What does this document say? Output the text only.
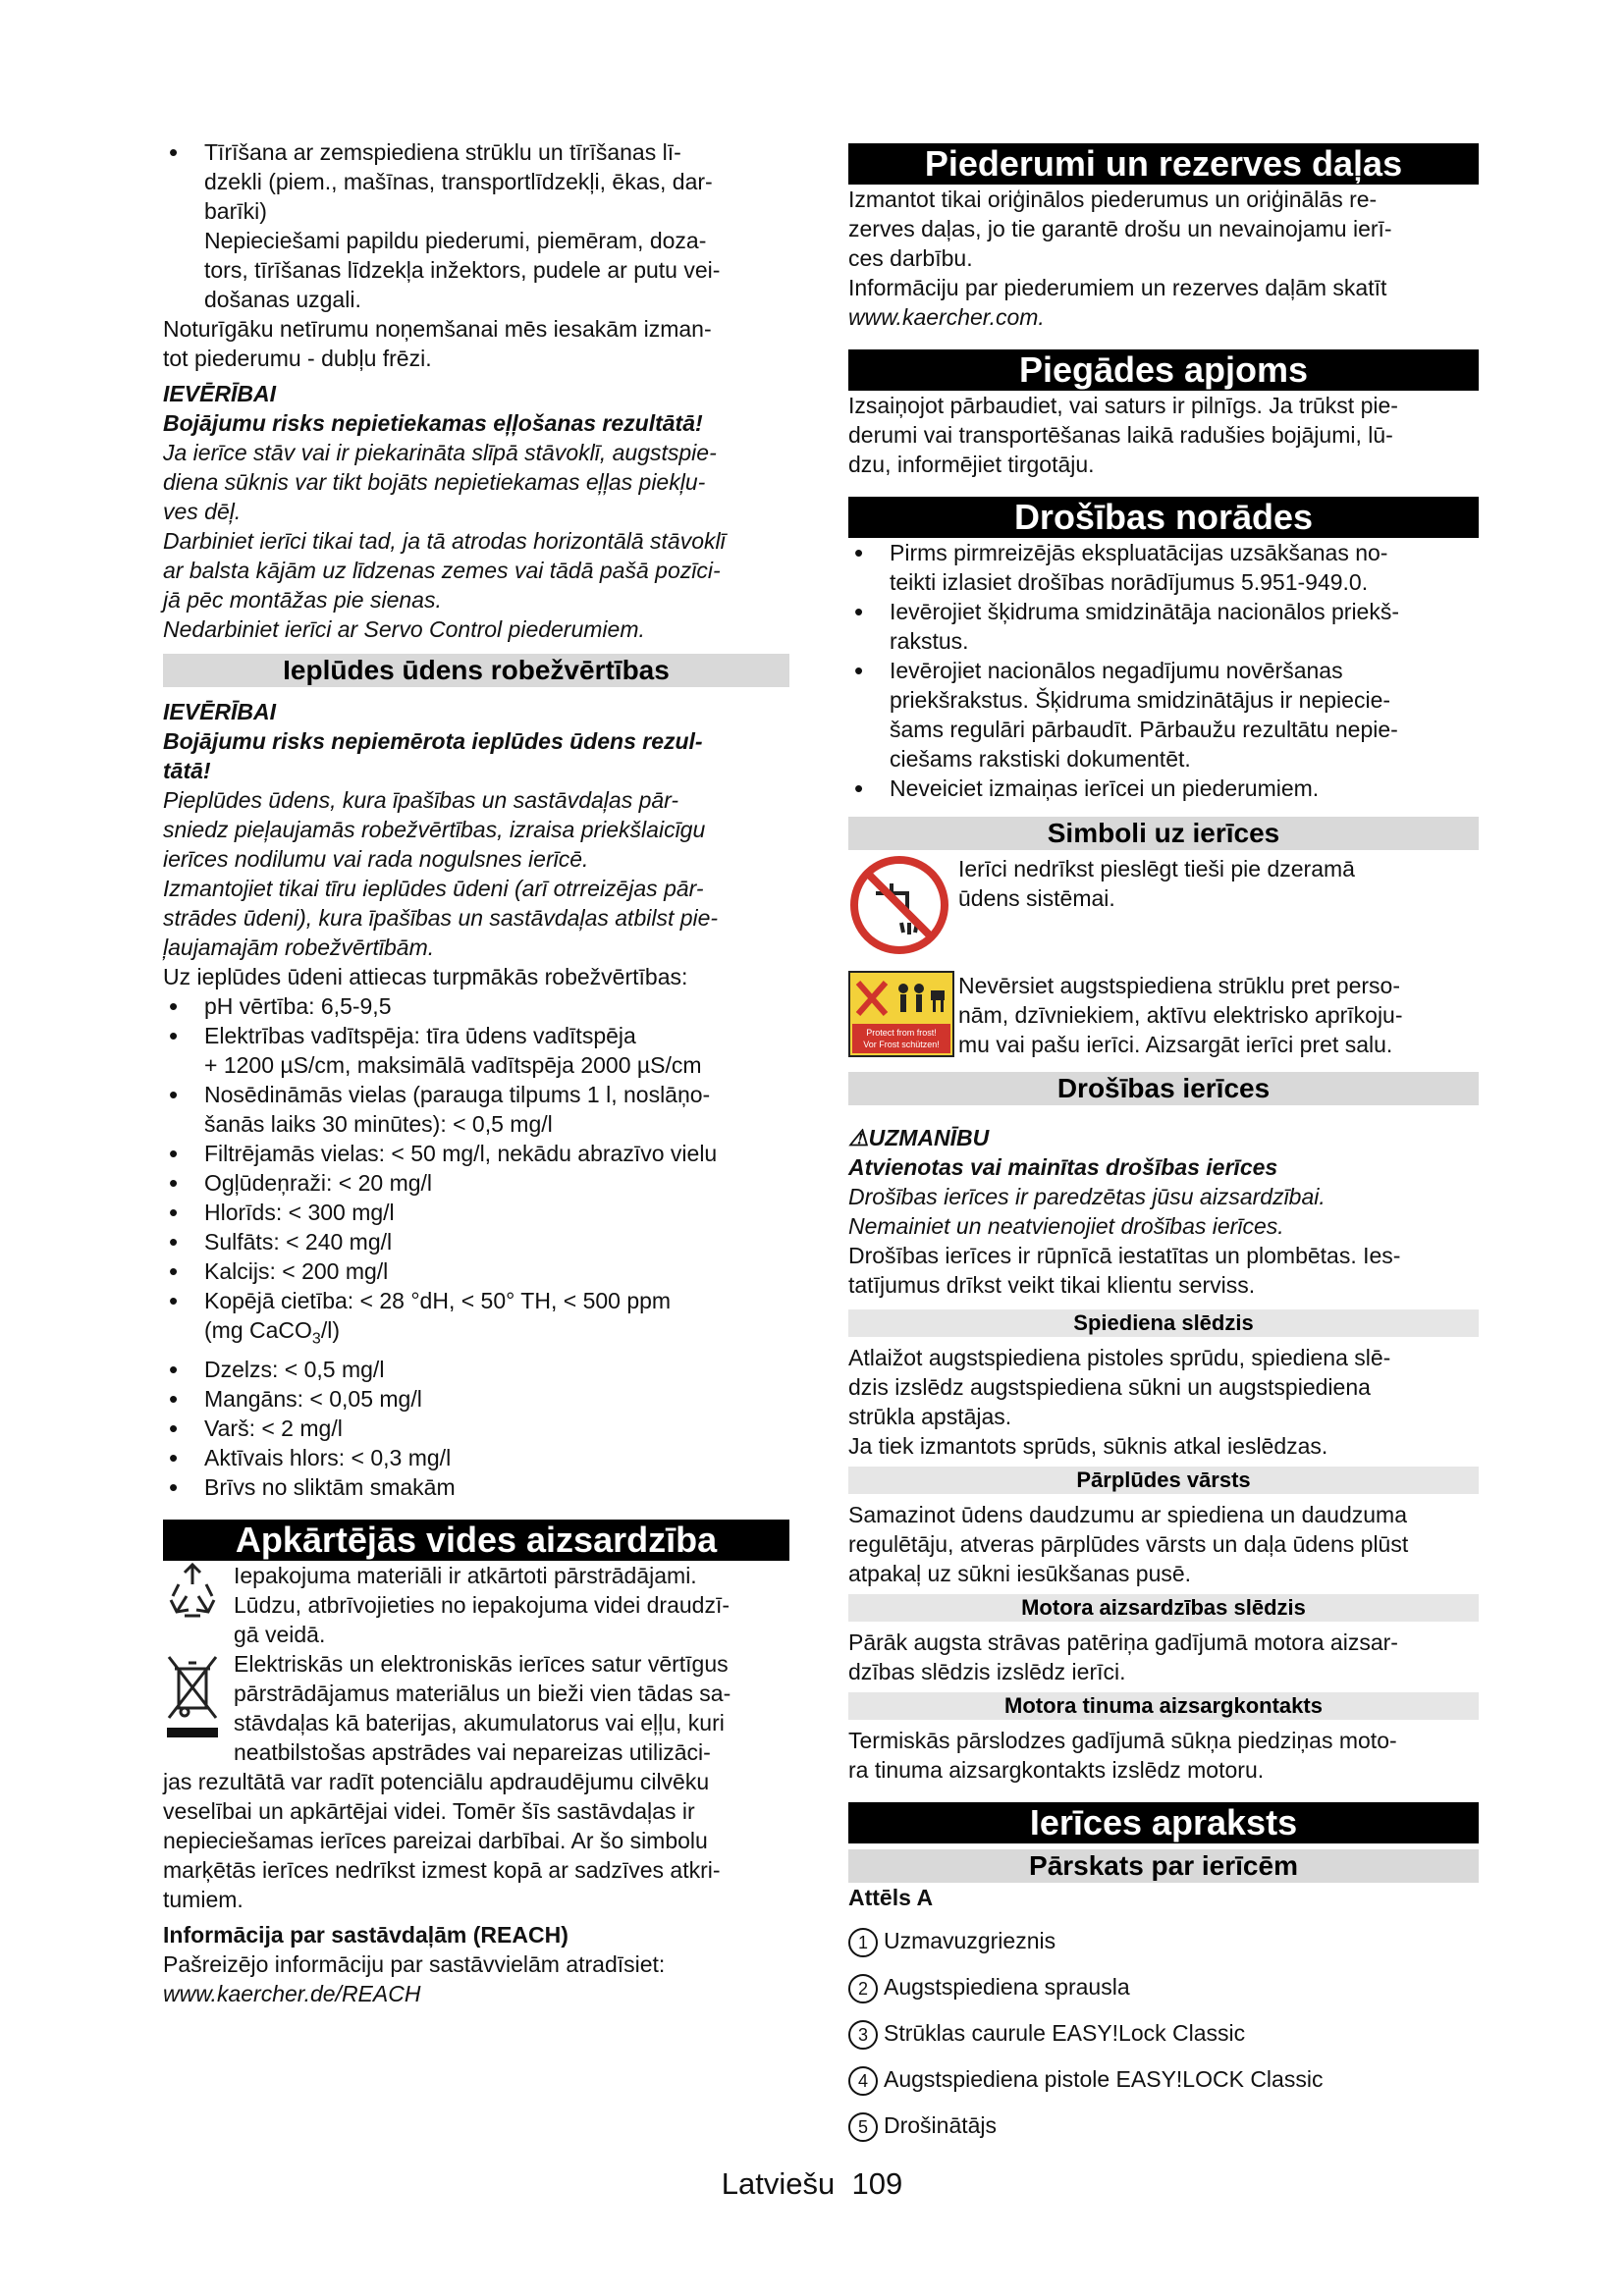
• Tīrīšana ar zemspiediena strūklu un tīrīšanas lī-
dzekli (piem., mašīnas, transportlīdzekļi, ēkas, dar-
barīki)
Nepieciešami papildu piederumi, piemēram, doza-
tors, tīrīšanas līdzekļa inžektors, pudele ar putu vei-
došanas uzgali.

Noturīgāku netīrumu noņemšanai mēs iesakām izman-
tot piederumu - dubļu frēzi.

IEVĒRĪBAI
Bojājumu risks nepietiekamas eļļošanas rezultātā!
Ja ierīce stāv vai ir piekarināta slīpā stāvoklī, augstspie-
diena sūknis var tikt bojāts nepietiekamas eļļas piekļu-
ves dēļ.
Darbiniet ierīci tikai tad, ja tā atrodas horizontālā stāvoklī
ar balsta kājām uz līdzenas zemes vai tādā pašā pozīci-
jā pēc montāžas pie sienas.
Nedarbiniet ierīci ar Servo Control piederumiem.
Ieplūdes ūdens robežvērtības
IEVĒRĪBAI
Bojājumu risks nepiemērota ieplūdes ūdens rezul-
tātā!
Pieplūdes ūdens, kura īpašības un sastāvdaļas pār-
sniedz pieļaujamās robežvērtības, izraisa priekšlaicīgu
ierīces nodilumu vai rada nogulsnes ierīcē.
Izmantojiet tikai tīru ieplūdes ūdeni (arī otrreizējas pār-
strādes ūdeni), kura īpašības un sastāvdaļas atbilst pie-
ļaujamajām robežvērtībām.
Uz ieplūdes ūdeni attiecas turpmākās robežvērtības:
• pH vērtība: 6,5-9,5
• Elektrības vadītspēja: tīra ūdens vadītspēja
+ 1200 µS/cm, maksimālā vadītspēja 2000 µS/cm
• Nosēdināmās vielas (parauga tilpums 1 l, noslāņo-
šanās laiks 30 minūtes): < 0,5 mg/l
• Filtrējamās vielas: < 50 mg/l, nekādu abrazīvo vielu
• Ogļūdeņraži: < 20 mg/l
• Hlorīds: < 300 mg/l
• Sulfāts: < 240 mg/l
• Kalcijs: < 200 mg/l
• Kopējā cietība: < 28 °dH, < 50° TH, < 500 ppm
(mg CaCO$_3$/l)
• Dzelzs: < 0,5 mg/l
• Mangāns: < 0,05 mg/l
• Varš: < 2 mg/l
• Aktīvais hlors: < 0,3 mg/l
• Brīvs no sliktām smakām
Apkārtējās vides aizsardzība
Iepakojuma materiāli ir atkārtoti pārstrādājami.
Lūdzu, atbrīvojieties no iepakojuma videi draudzī-
gā veidā.
Elektriskās un elektroniskās ierīces satur vērtīgus
pārstrādājamus materiālus un bieži vien tādas sa-
stāvdaļas kā baterijas, akumulatorus vai eļļu, kuri
neatbilstošas apstrādes vai nepareizas utilizāci-
jas rezultātā var radīt potenciālu apdraudējumu cilvēku
veselībai un apkārtējai videi. Tomēr šīs sastāvdaļas ir
nepieciešamas ierīces pareizai darbībai. Ar šo simbolu
marķētās ierīces nedrīkst izmest kopā ar sadzīves atkri-
tumiem.
Informācija par sastāvdaļām (REACH)
Pašreizējo informāciju par sastāvvielām atradīsiet:
www.kaercher.de/REACH
Piederumi un rezerves daļas
Izmantot tikai oriģinālos piederumus un oriģinālās re-
zerves daļas, jo tie garantē drošu un nevainojamu ierī-
ces darbību.
Informāciju par piederumiem un rezerves daļām skatīt
www.kaercher.com.
Piegādes apjoms
Izsaiņojot pārbaudiet, vai saturs ir pilnīgs. Ja trūkst pie-
derumi vai transportēšanas laikā radušies bojājumi, lū-
dzu, informējiet tirgotāju.
Drošības norādes
• Pirms pirmreizējās ekspluatācijas uzsākšanas no-
teikti izlasiet drošības norādījumus 5.951-949.0.
• Ievērojiet šķidruma smidzinātāja nacionālos priekš-
rakstus.
• Ievērojiet nacionālos negadījumu novēršanas
priekšrakstus. Šķidruma smidzinātājus ir nepiecie-
šams regulāri pārbaudīt. Pārbaužu rezultātu nepie-
ciešams rakstiski dokumentēt.
• Neveiciet izmaiņas ierīcei un piederumiem.
Simboli uz ierīces
Ierīci nedrīkst pieslēgt tieši pie dzeramā
ūdens sistēmai.
Protect from frost!
Vor Frost schützen!
Nevērsiet augstspiediena strūklu pret perso-
nām, dzīvniekiem, aktīvu elektrisko aprīkoju-
mu vai pašu ierīci. Aizsargāt ierīci pret salu.
Drošības ierīces
⚠UZMANĪBU
Atvienotas vai mainītas drošības ierīces
Drošības ierīces ir paredzētas jūsu aizsardzībai.
Nemainiet un neatvienojiet drošības ierīces.
Drošības ierīces ir rūpnīcā iestatītas un plombētas. Ies-
tatījumus drīkst veikt tikai klientu serviss.
Spiediena slēdzis
Atlaižot augstspiediena pistoles sprūdu, spiediena slē-
dzis izslēdz augstspiediena sūkni un augstspiediena
strūkla apstājas.
Ja tiek izmantots sprūds, sūknis atkal ieslēdzas.
Pārplūdes vārsts
Samazinot ūdens daudzumu ar spiediena un daudzuma
regulētāju, atveras pārplūdes vārsts un daļa ūdens plūst
atpakaļ uz sūkni iesūkšanas pusē.
Motora aizsardzības slēdzis
Pārāk augsta strāvas patēriņa gadījumā motora aizsar-
dzības slēdzis izslēdz ierīci.
Motora tinuma aizsargkontakts
Termiskās pārslodzes gadījumā sūkņa piedziņas moto-
ra tinuma aizsargkontakts izslēdz motoru.
Ierīces apraksts
Pārskats par ierīcēm
Attēls A
1 Uzmavuzgrieznis
2 Augstspiediena sprausla
3 Strūklas caurule EASY!Lock Classic
4 Augstspiediena pistole EASY!LOCK Classic
5 Drošinātājs
Latviešu 109
